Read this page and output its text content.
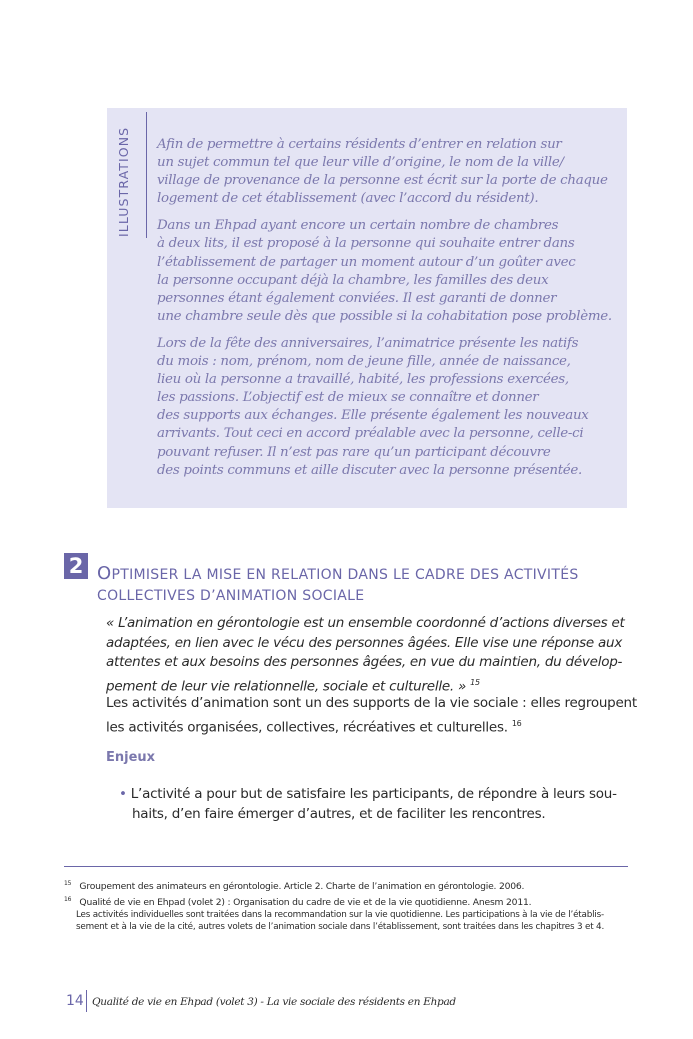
ILLUSTRATIONS Afin de permettre à certains résidents d’entrer en relation sur
un sujet commun tel que leur ville d’origine, le nom de la ville/
village de provenance de la personne est écrit sur la porte de chaque
logement de cet établissement (avec l’accord du résident).

Dans un Ehpad ayant encore un certain nombre de chambres
à deux lits, il est proposé à la personne qui souhaite entrer dans
l’établissement de partager un moment autour d’un goûter avec
la personne occupant déjà la chambre, les familles des deux
personnes étant également conviées. Il est garanti de donner
une chambre seule dès que possible si la cohabitation pose problème.

Lors de la fête des anniversaires, l’animatrice présente les natifs
du mois : nom, prénom, nom de jeune fille, année de naissance,
lieu où la personne a travaillé, habité, les professions exercées,
les passions. L’objectif est de mieux se connaître et donner
des supports aux échanges. Elle présente également les nouveaux
arrivants. Tout ceci en accord préalable avec la personne, celle-ci
pouvant refuser. Il n’est pas rare qu’un participant découvre
des points communs et aille discuter avec la personne présentée.

2 OPTIMISER LA MISE EN RELATION DANS LE CADRE DES ACTIVITÉS
COLLECTIVES D’ANIMATION SOCIALE
« L’animation en gérontologie est un ensemble coordonné d’actions diverses et
adaptées, en lien avec le vécu des personnes âgées. Elle vise une réponse aux
attentes et aux besoins des personnes âgées, en vue du maintien, du dévelop-
pement de leur vie relationnelle, sociale et culturelle. » $^{15}$
Les activités d’animation sont un des supports de la vie sociale : elles regroupent
les activités organisées, collectives, récréatives et culturelles. $^{16}$
Enjeux
• L’activité a pour but de satisfaire les participants, de répondre à leurs sou-
haits, d’en faire émerger d’autres, et de faciliter les rencontres.
$^{15}$ Groupement des animateurs en gérontologie. Article 2. Charte de l’animation en gérontologie. 2006.
$^{16}$ Qualité de vie en Ehpad (volet 2) : Organisation du cadre de vie et de la vie quotidienne. Anesm 2011.
Les activités individuelles sont traitées dans la recommandation sur la vie quotidienne. Les participations à la vie de l’établis-
sement et à la vie de la cité, autres volets de l’animation sociale dans l’établissement, sont traitées dans les chapitres 3 et 4.
14 Qualité de vie en Ehpad (volet 3) - La vie sociale des résidents en Ehpad
